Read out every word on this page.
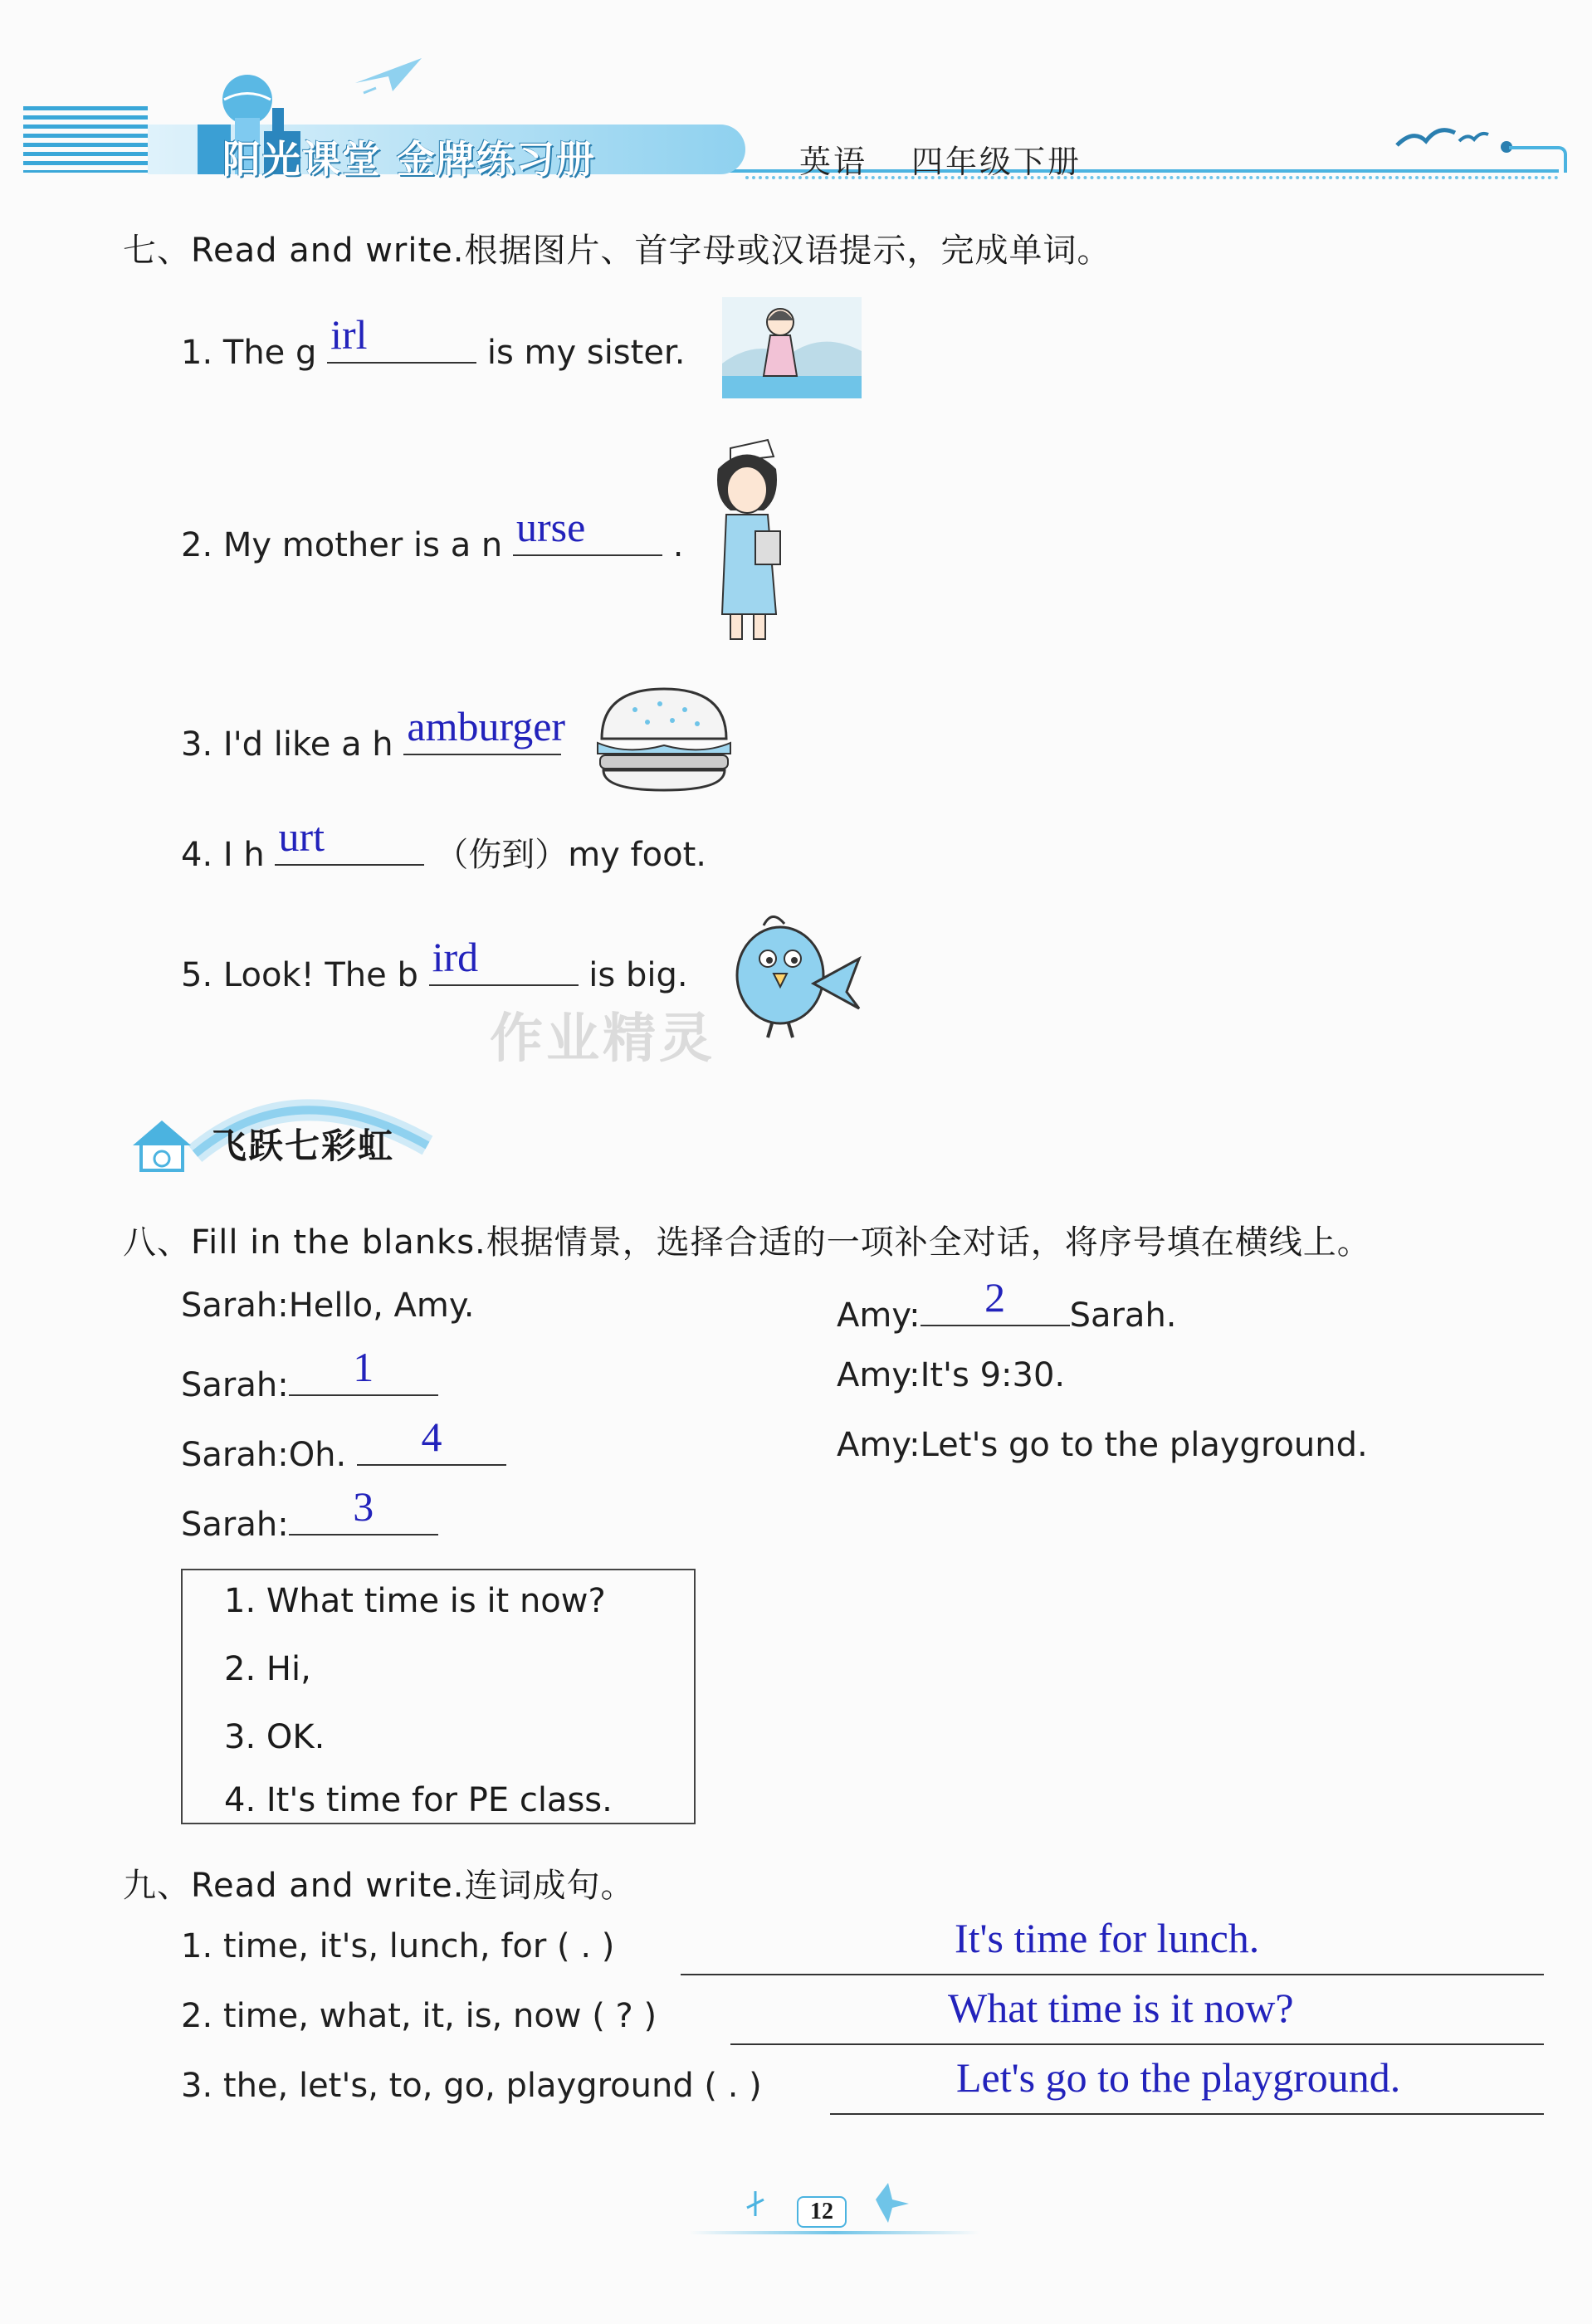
阳光课堂 金牌练习册	英语 四年级下册
七、Read and write.根据图片、首字母或汉语提示，完成单词。
1. The g irl	is my sister.
2. My mother is a n urse	.
3. I'd like a h amburger
4. I h urt	（伤到）my foot.
5. Look! The b ird	is big.
作业精灵
飞跃七彩虹
八、Fill in the blanks.根据情景，选择合适的一项补全对话，将序号填在横线上。
Sarah:Hello, Amy.
Sarah: 1
Sarah:Oh. 4
Sarah: 3
Amy: 2 Sarah.
Amy:It's 9:30.
Amy:Let's go to the playground.
1. What time is it now?
2. Hi,
3. OK.
4. It's time for PE class.
九、Read and write.连词成句。
1. time, it's, lunch, for ( . )	It's time for lunch.
2. time, what, it, is, now ( ? )	What time is it now?
3. the, let's, to, go, playground ( . )	Let's go to the playground.
12
